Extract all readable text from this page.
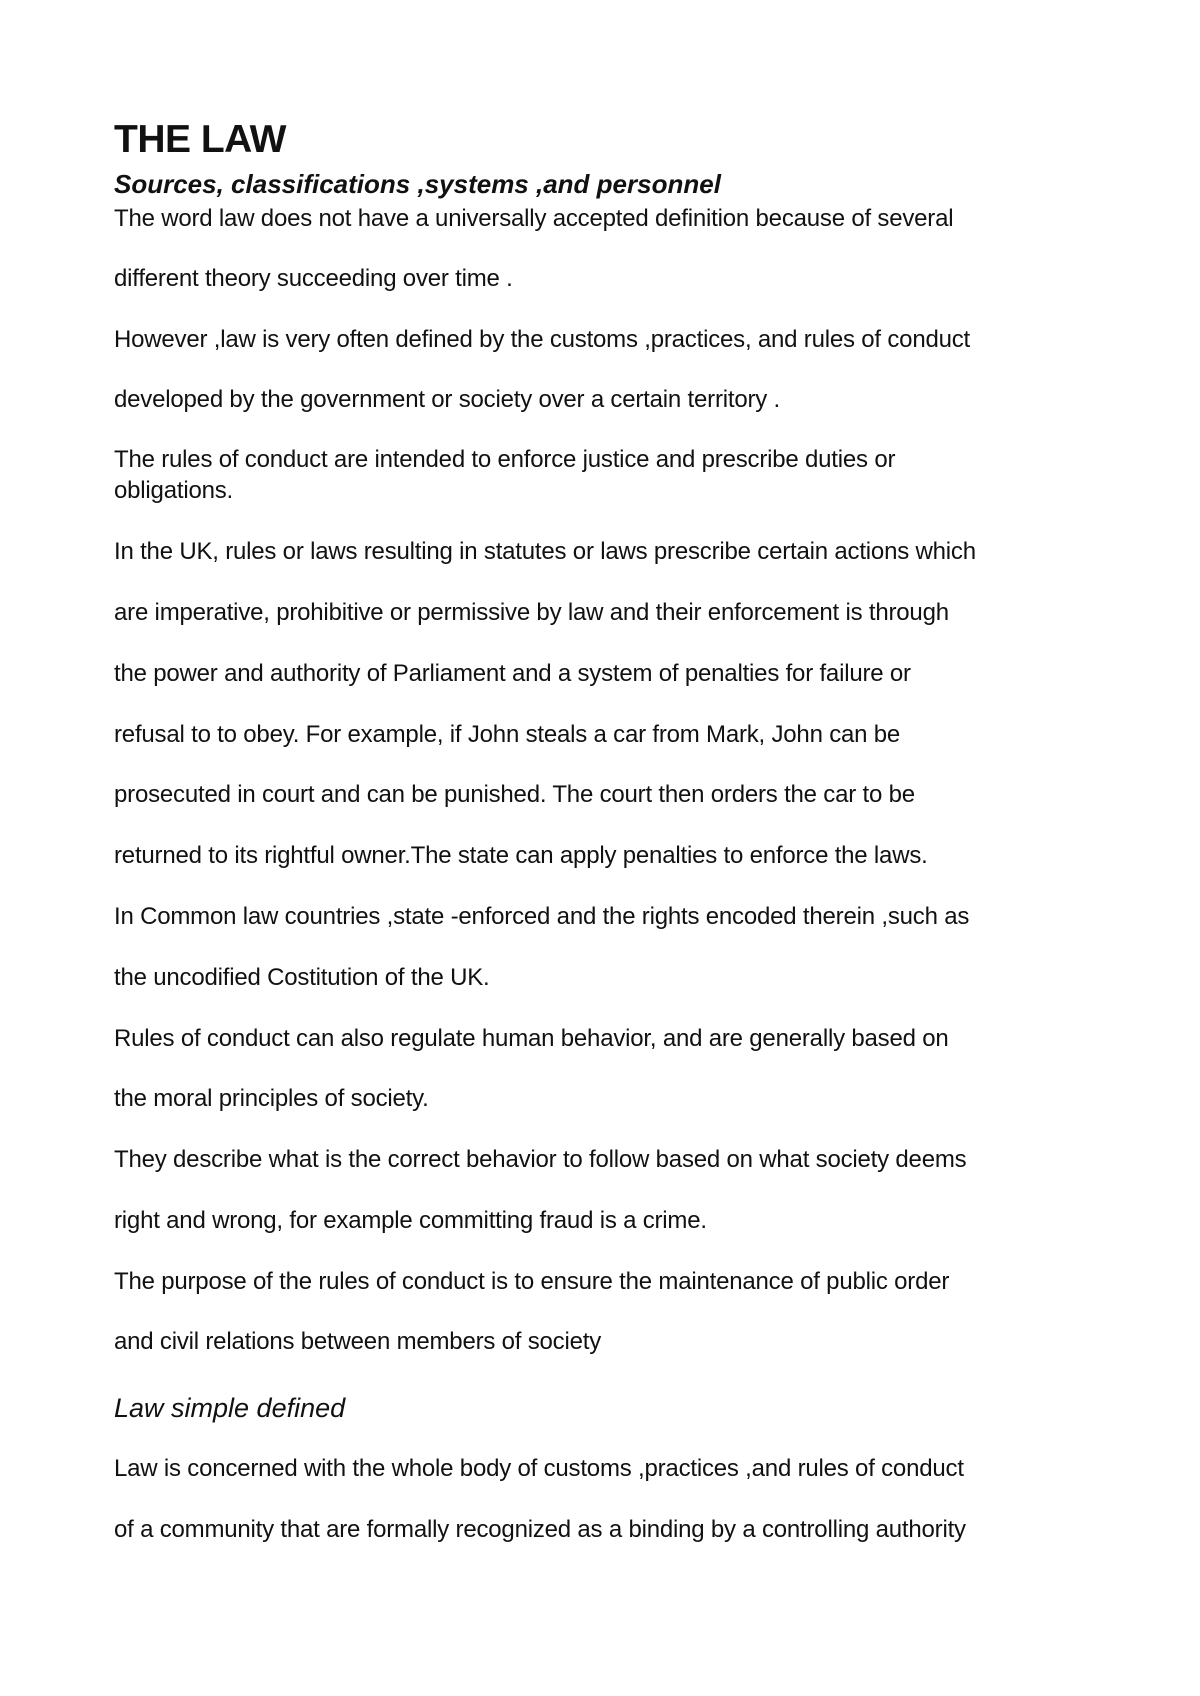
THE LAW
Sources, classifications ,systems ,and personnel
The word law does not have a universally accepted definition because of several
different theory succeeding over time .
However ,law is very often defined by the customs ,practices, and rules of conduct
developed by the government or society over a certain territory .
The rules of conduct are intended to enforce justice and prescribe duties or
obligations.
In the UK, rules or laws resulting in statutes or laws prescribe certain actions which
are imperative, prohibitive or permissive by law and their enforcement is through
the power and authority of Parliament and a system of penalties for failure or
refusal to to obey. For example, if John steals a car from Mark, John can be
prosecuted in court and can be punished. The court then orders the car to be
returned to its rightful owner.The state can apply penalties to enforce the laws.
In Common law countries ,state -enforced and the rights encoded therein ,such as
the uncodified Costitution of the UK.
Rules of conduct can also regulate human behavior, and are generally based on
the moral principles of society.
They describe what is the correct behavior to follow based on what society deems
right and wrong, for example committing fraud is a crime.
The purpose of the rules of conduct is to ensure the maintenance of public order
and civil relations between members of society
Law simple defined
Law is concerned with the whole body of customs ,practices ,and rules of conduct
of a community that are formally recognized as a binding by a controlling authority
